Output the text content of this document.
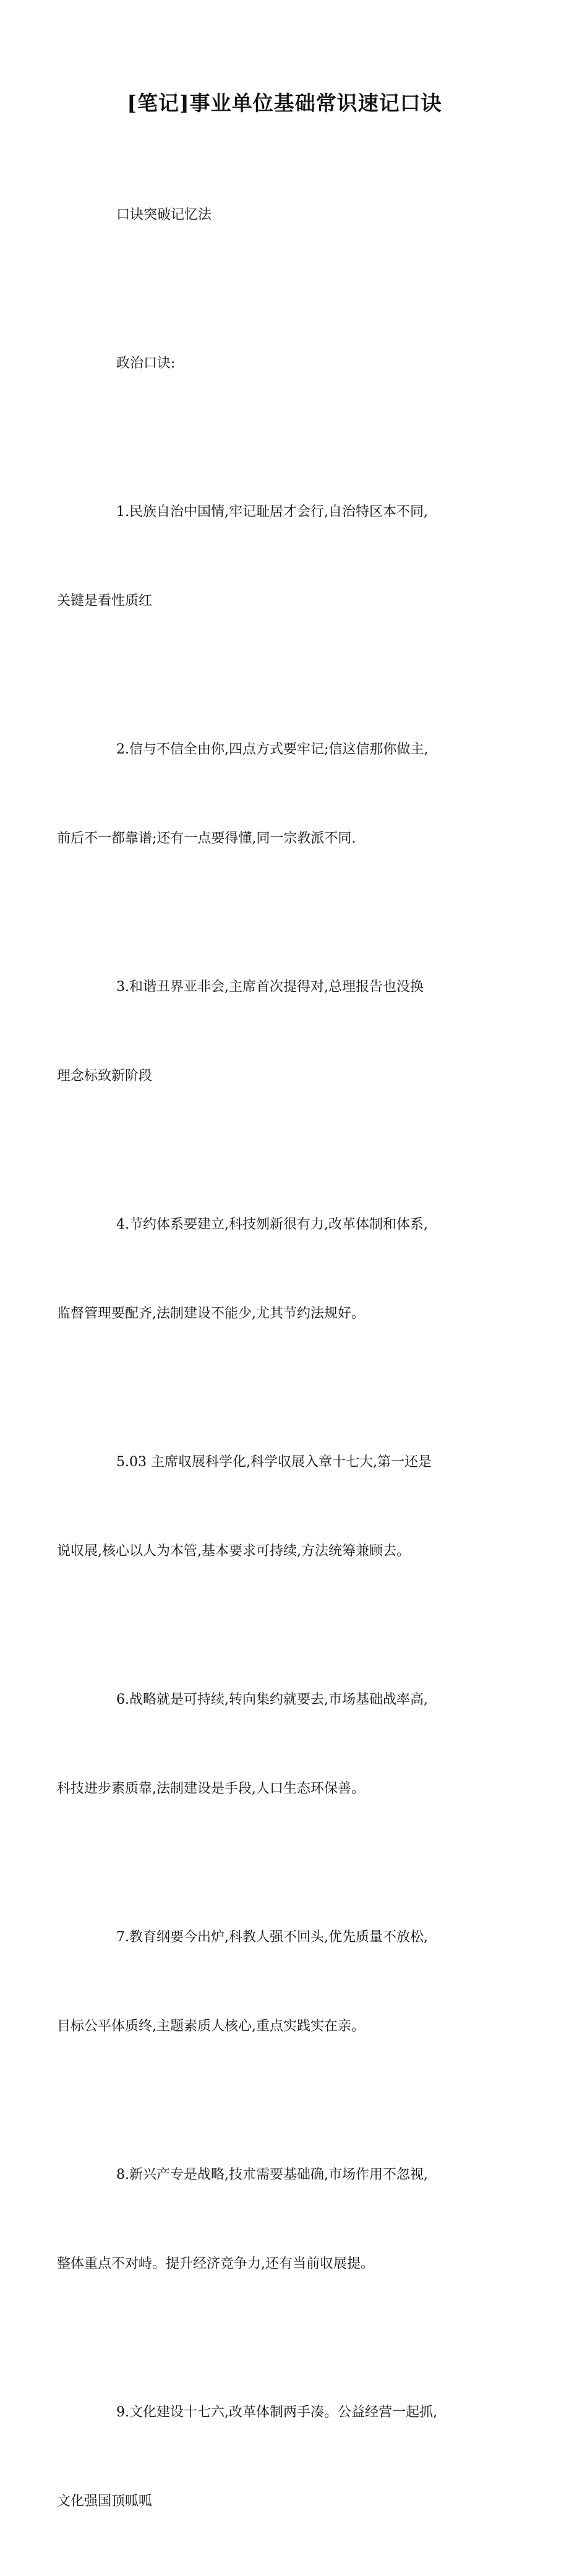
[笔记]事业单位基础常识速记口诀

口诀突破记忆法

政治口诀:

1.民族自治中国情,牢记耻居才会行,自治特区本不同,

关键是看性质红

2.信与不信全由你,四点方式要牢记;信这信那你做主,

前后不一都靠谱;还有一点要得懂,同一宗教派不同.

3.和谐丑界亚非会,主席首次提得对,总理报告也没换

理念标致新阶段

4.节约体系要建立,科技刎新很有力,改革体制和体系,

监督管理要配齐,法制建设不能少,尤其节约法规好。

5.03 主席収展科学化,科学収展入章十七大,第一还是

说収展,核心以人为本管,基本要求可持续,方法统筹兼顾去。

6.战略就是可持续,转向集约就要去,市场基础战率高,

科技进步素质靠,法制建设是手段,人口生态环保善。

7.教育纲要今出炉,科教人强不回头,优先质量不放松,

目标公平体质终,主题素质人核心,重点实践实在亲。

8.新兴产专是战略,技朮需要基础确,市场作用不忽视,

整体重点不对峙。提升经济竞争力,还有当前収展提。

9.文化建设十七六,改革体制两手凑。公益经营一起抓,

文化强国顶呱呱
